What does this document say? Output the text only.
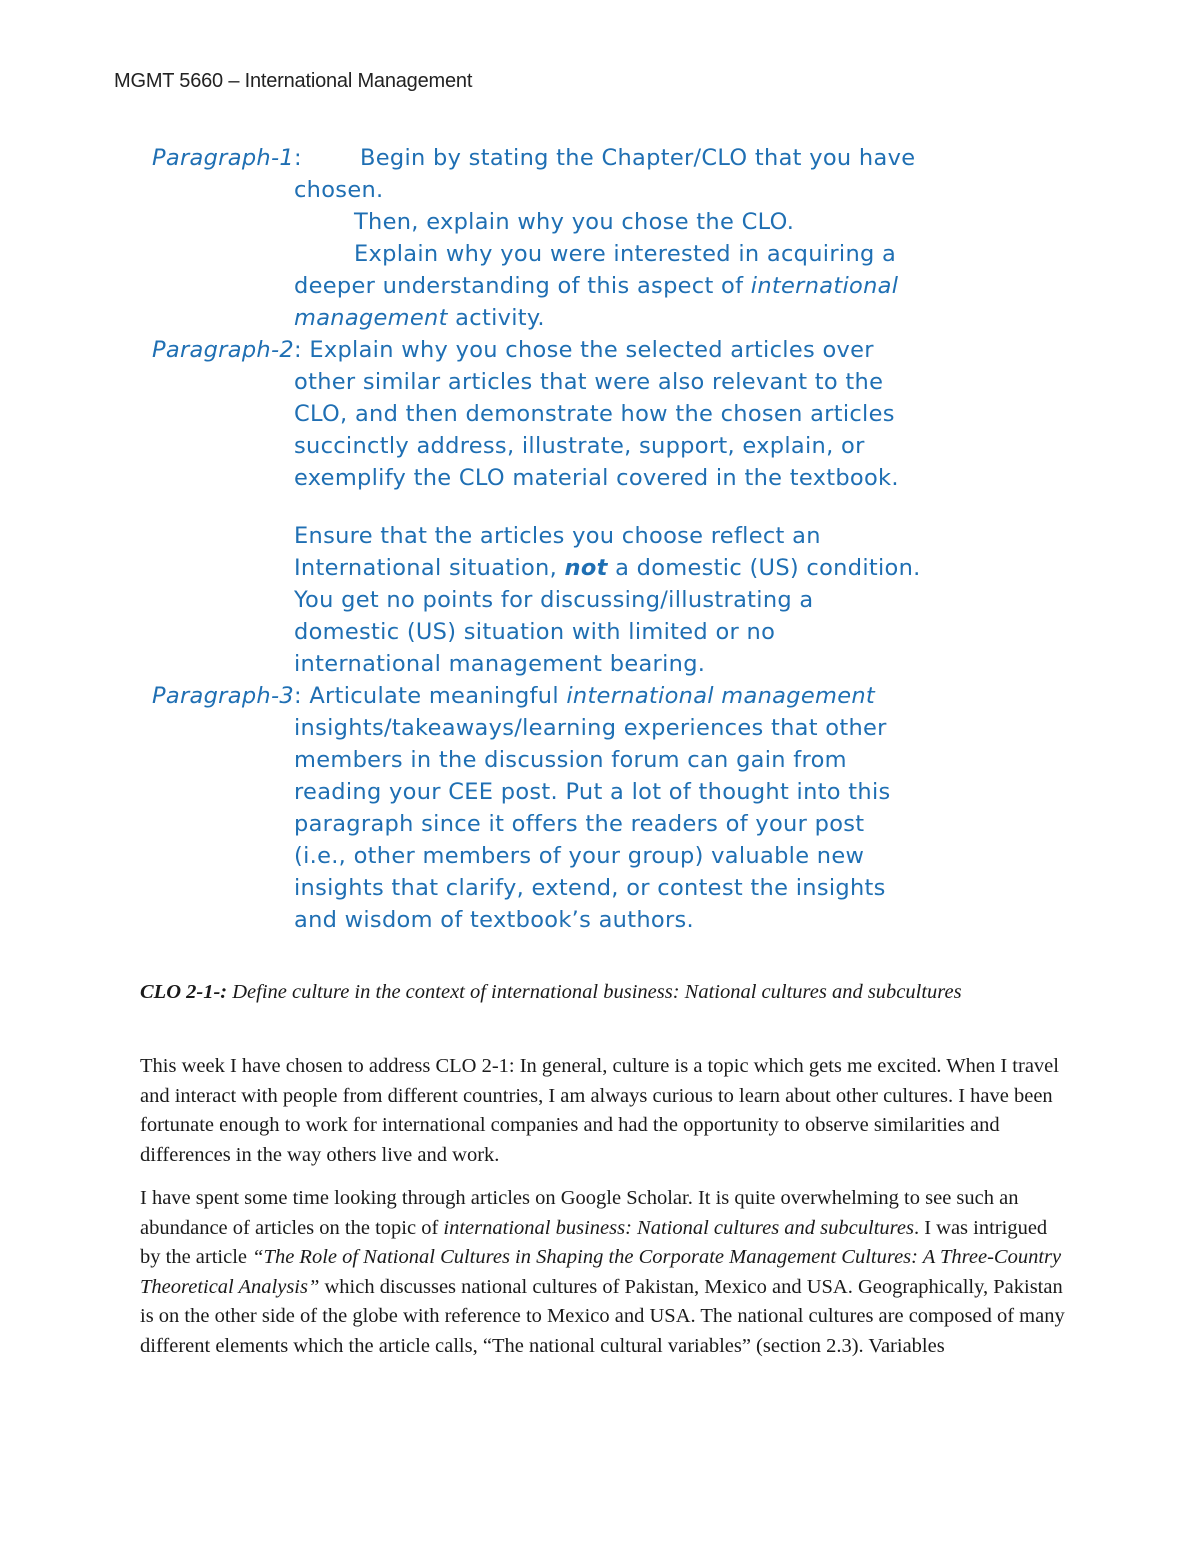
MGMT 5660 – International Management
Paragraph-1:	Begin by stating the Chapter/CLO that you have
chosen.
Then, explain why you chose the CLO.
Explain why you were interested in acquiring a
deeper understanding of this aspect of international
management activity.
Paragraph-2: Explain why you chose the selected articles over
other similar articles that were also relevant to the
CLO, and then demonstrate how the chosen articles
succinctly address, illustrate, support, explain, or
exemplify the CLO material covered in the textbook.
Ensure that the articles you choose reflect an
International situation, not a domestic (US) condition.
You get no points for discussing/illustrating a
domestic (US) situation with limited or no
international management bearing.
Paragraph-3: Articulate meaningful international management
insights/takeaways/learning experiences that other
members in the discussion forum can gain from
reading your CEE post. Put a lot of thought into this
paragraph since it offers the readers of your post
(i.e., other members of your group) valuable new
insights that clarify, extend, or contest the insights
and wisdom of textbook’s authors.

CLO 2-1-: Define culture in the context of international business: National cultures and subcultures

This week I have chosen to address CLO 2-1: In general, culture is a topic which gets me excited. When I travel and interact with people from different countries, I am always curious to learn about other cultures. I have been fortunate enough to work for international companies and had the opportunity to observe similarities and differences in the way others live and work.

I have spent some time looking through articles on Google Scholar. It is quite overwhelming to see such an abundance of articles on the topic of international business: National cultures and subcultures. I was intrigued by the article “The Role of National Cultures in Shaping the Corporate Management Cultures: A Three-Country Theoretical Analysis” which discusses national cultures of Pakistan, Mexico and USA. Geographically, Pakistan is on the other side of the globe with reference to Mexico and USA. The national cultures are composed of many different elements which the article calls, “The national cultural variables” (section 2.3). Variables
